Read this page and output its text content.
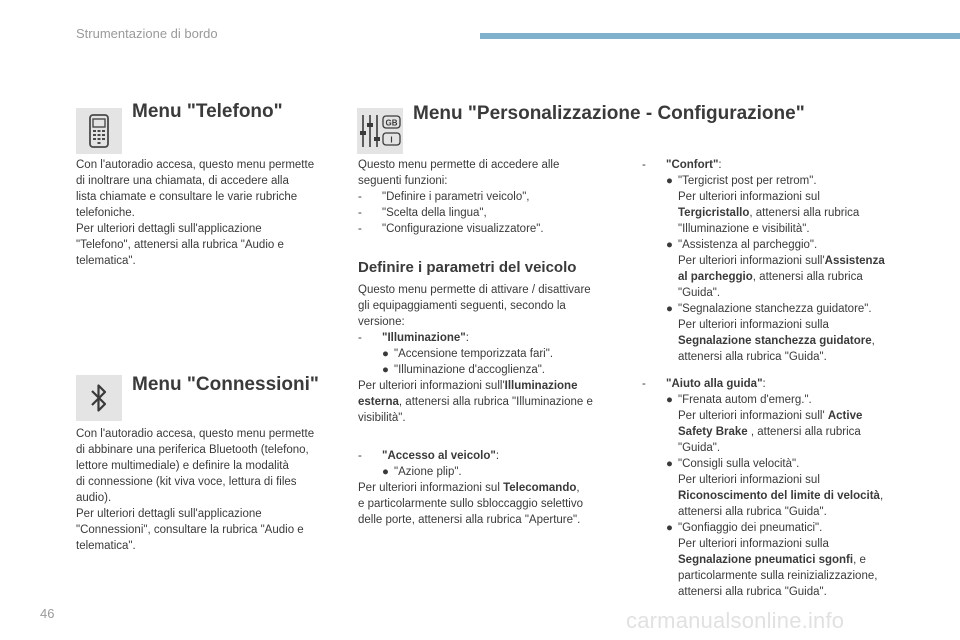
Strumentazione di bordo
Menu "Telefono"

Con l'autoradio accesa, questo menu permette

di inoltrare una chiamata, di accedere alla

lista chiamate e consultare le varie rubriche

telefoniche.

Per ulteriori dettagli sull'applicazione

"Telefono", attenersi alla rubrica "Audio e

telematica".

Menu "Connessioni"

Con l'autoradio accesa, questo menu permette

di abbinare una periferica Bluetooth (telefono,

lettore multimediale) e definire la modalità

di connessione (kit viva voce, lettura di files

audio).

Per ulteriori dettagli sull'applicazione

"Connessioni", consultare la rubrica "Audio e

telematica".

GB
I
Menu "Personalizzazione - Configurazione"

Questo menu permette di accedere alle

seguenti funzioni:

-	"Definire i parametri veicolo",
-	"Scelta della lingua",
-	"Configurazione visualizzatore".
Definire i parametri del veicolo

Questo menu permette di attivare / disattivare

gli equipaggiamenti seguenti, secondo la

versione:

-	"Illuminazione":
● "Accensione temporizzata fari".
● "Illuminazione d'accoglienza".

Per ulteriori informazioni sull'Illuminazione

esterna, attenersi alla rubrica "Illuminazione e

visibilità".

-	"Accesso al veicolo":
● "Azione plip".

Per ulteriori informazioni sul Telecomando,

e particolarmente sullo sbloccaggio selettivo

delle porte, attenersi alla rubrica "Aperture".

-	"Confort":
● "Tergicrist post per retrom".

Per ulteriori informazioni sul

Tergicristallo, attenersi alla rubrica

"Illuminazione e visibilità".

● "Assistenza al parcheggio".

Per ulteriori informazioni sull'Assistenza

al parcheggio, attenersi alla rubrica

"Guida".

● "Segnalazione stanchezza guidatore".

Per ulteriori informazioni sulla

Segnalazione stanchezza guidatore,

attenersi alla rubrica "Guida".

-	"Aiuto alla guida":
● "Frenata autom d'emerg.".

Per ulteriori informazioni sull' Active

Safety Brake , attenersi alla rubrica

"Guida".

● "Consigli sulla velocità".

Per ulteriori informazioni sul

Riconoscimento del limite di velocità,

attenersi alla rubrica "Guida".

● "Gonfiaggio dei pneumatici".

Per ulteriori informazioni sulla

Segnalazione pneumatici sgonfi, e

particolarmente sulla reinizializzazione,

attenersi alla rubrica "Guida".

46	carmanualsonline.info
